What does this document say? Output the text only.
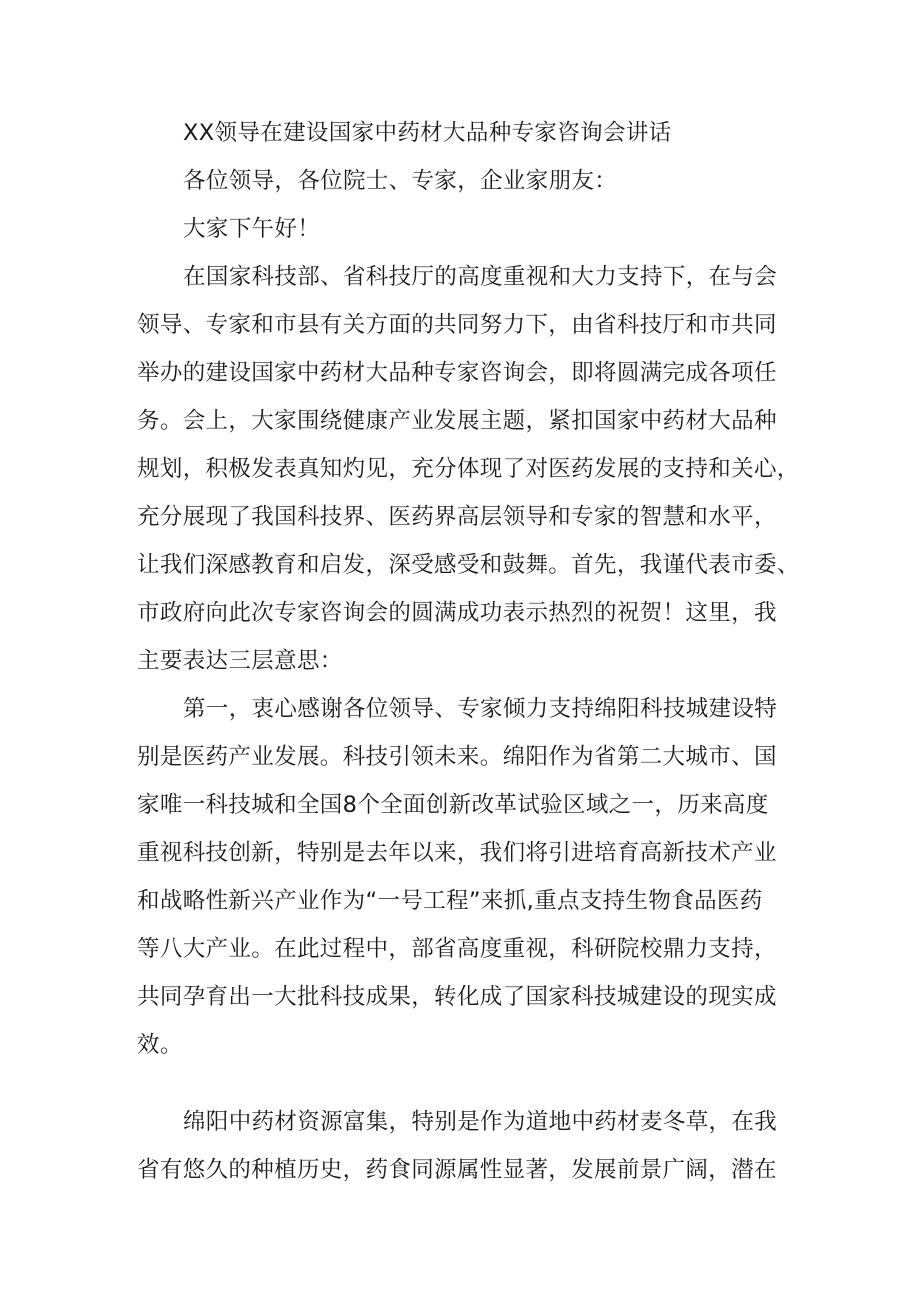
XX领导在建设国家中药材大品种专家咨询会讲话
各位领导，各位院士、专家，企业家朋友：
大家下午好！
在国家科技部、省科技厅的高度重视和大力支持下，在与会
领导、专家和市县有关方面的共同努力下，由省科技厅和市共同
举办的建设国家中药材大品种专家咨询会，即将圆满完成各项任
务。会上，大家围绕健康产业发展主题，紧扣国家中药材大品种
规划，积极发表真知灼见，充分体现了对医药发展的支持和关心，
充分展现了我国科技界、医药界高层领导和专家的智慧和水平，
让我们深感教育和启发，深受感受和鼓舞。首先，我谨代表市委、
市政府向此次专家咨询会的圆满成功表示热烈的祝贺！这里，我
主要表达三层意思：
第一，衷心感谢各位领导、专家倾力支持绵阳科技城建设特
别是医药产业发展。科技引领未来。绵阳作为省第二大城市、国
家唯一科技城和全国8个全面创新改革试验区域之一，历来高度
重视科技创新，特别是去年以来，我们将引进培育高新技术产业
和战略性新兴产业作为“一号工程”来抓,重点支持生物食品医药
等八大产业。在此过程中，部省高度重视，科研院校鼎力支持，
共同孕育出一大批科技成果，转化成了国家科技城建设的现实成
效。
绵阳中药材资源富集，特别是作为道地中药材麦冬草，在我
省有悠久的种植历史，药食同源属性显著，发展前景广阔，潜在
